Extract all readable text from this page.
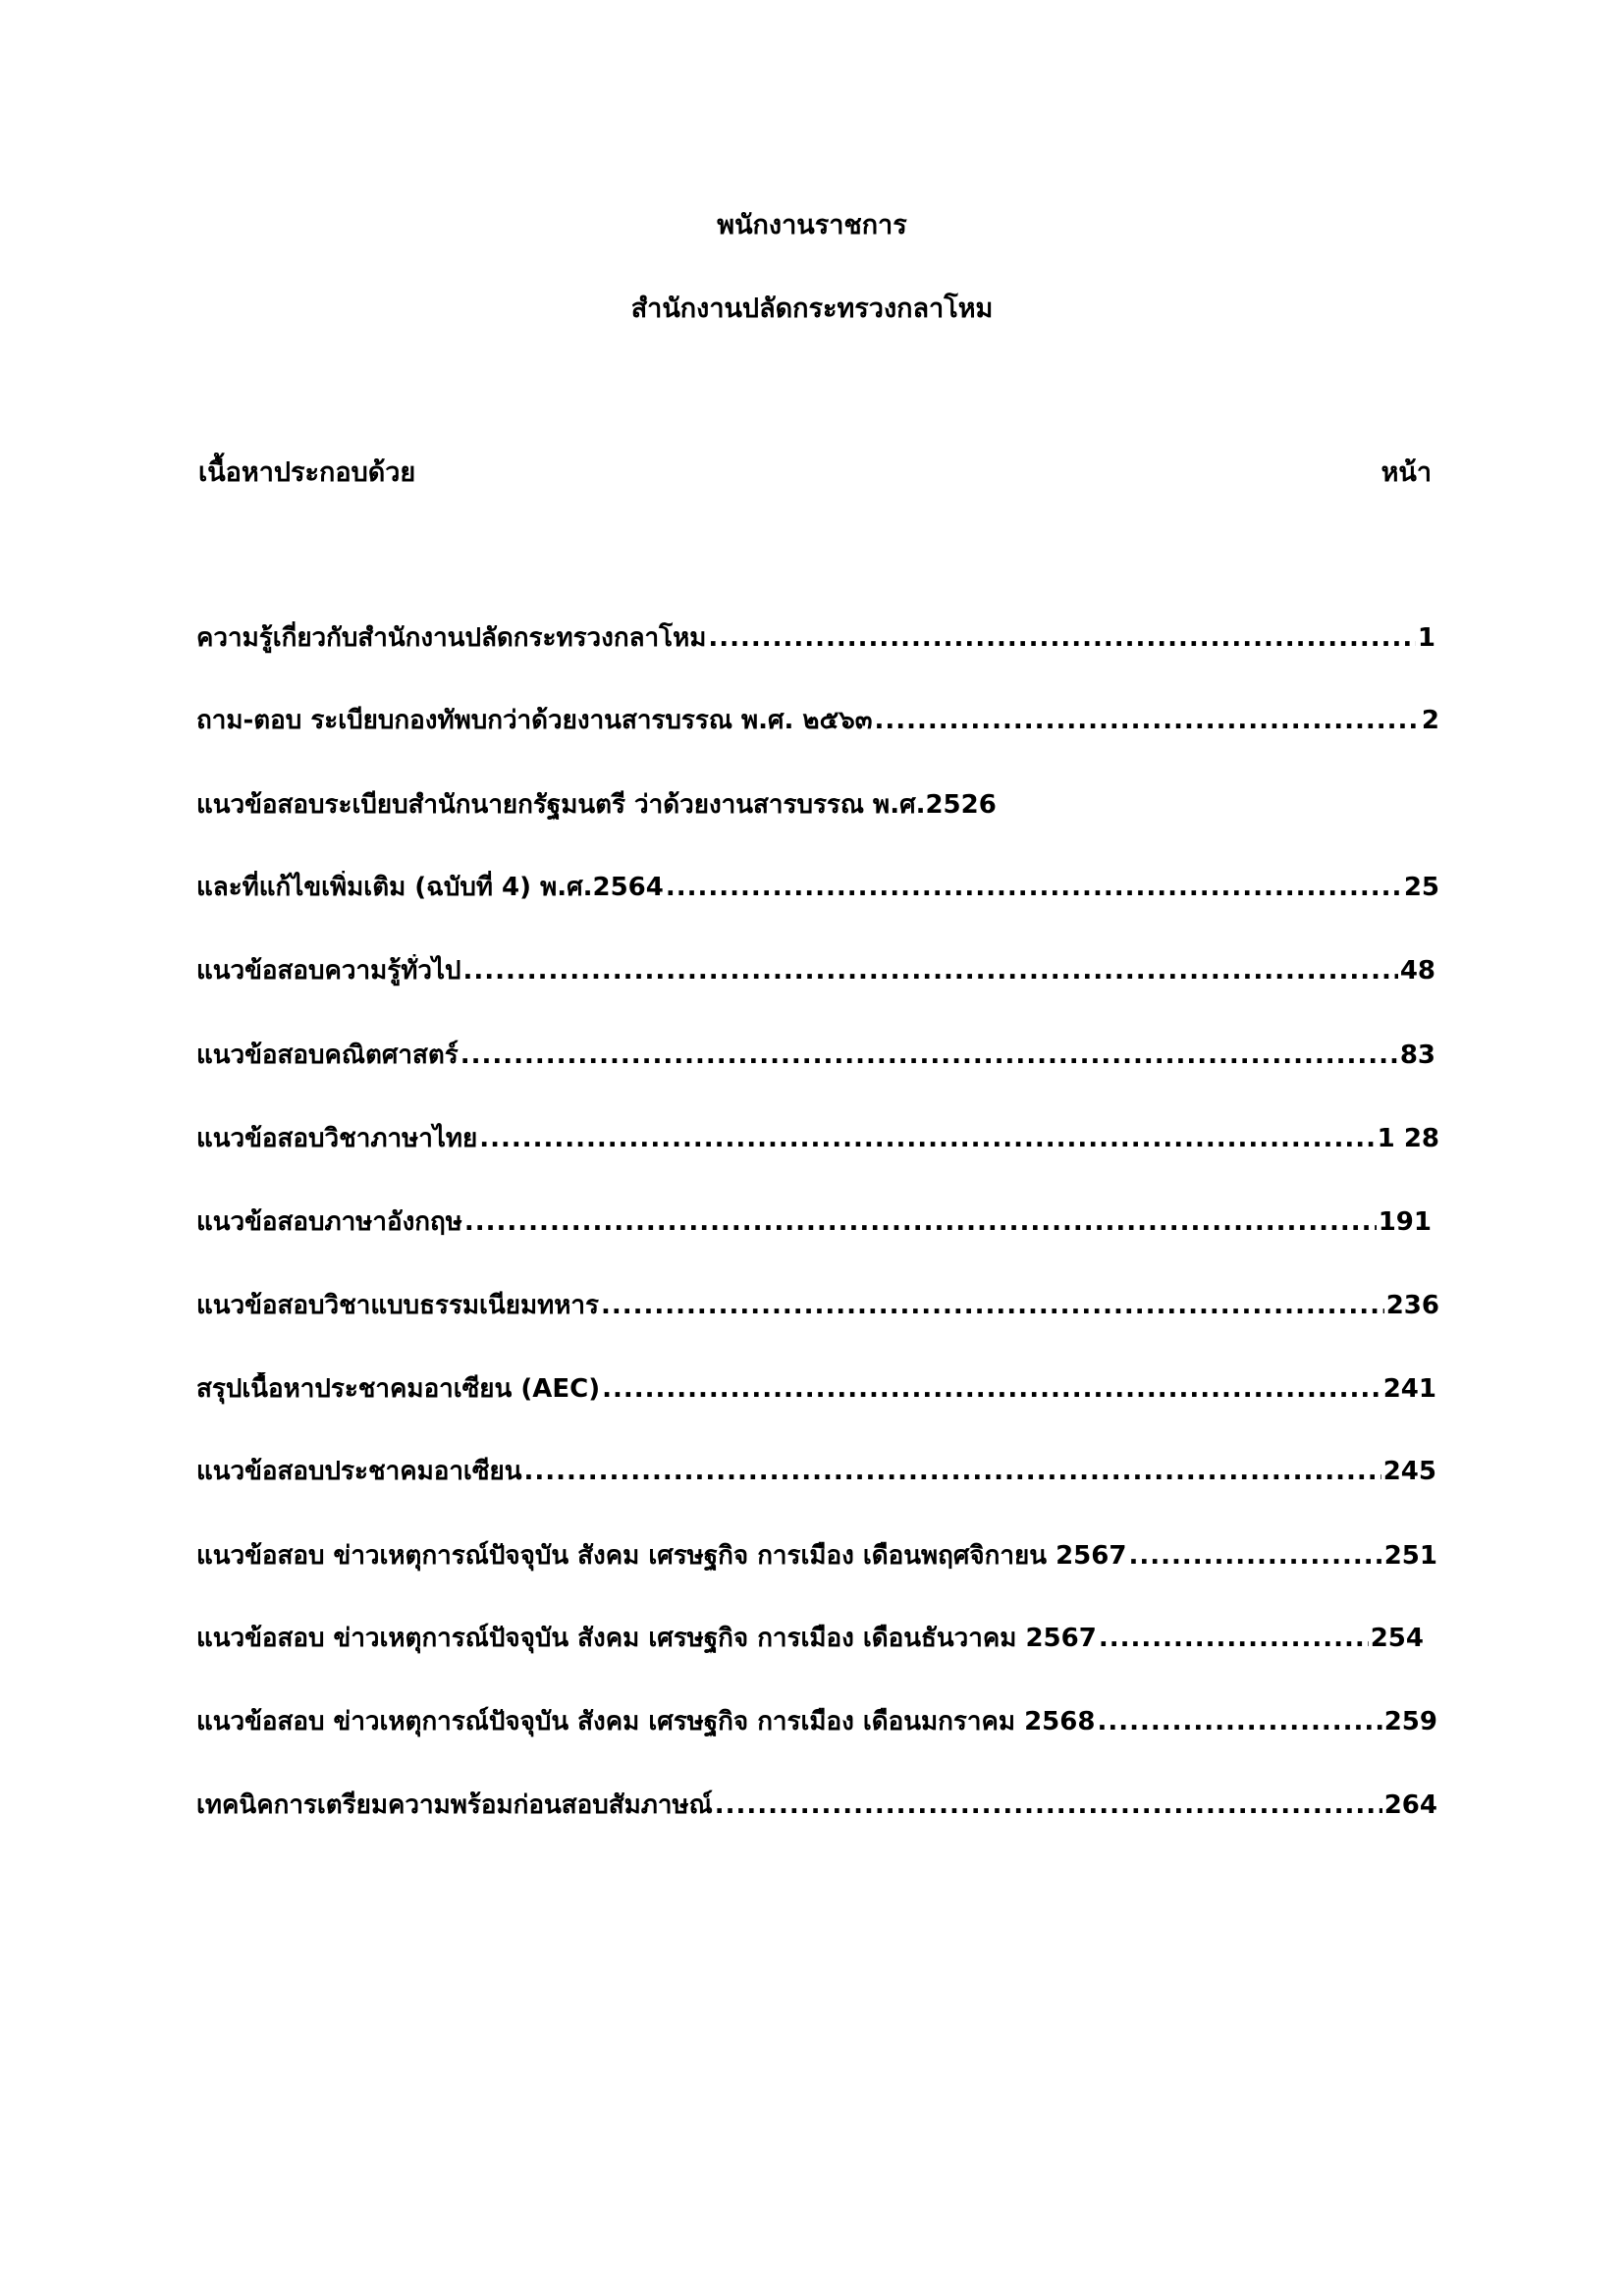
พนักงานราชการ
สำนักงานปลัดกระทรวงกลาโหม
เนื้อหาประกอบด้วย	หน้า
ความรู้เกี่ยวกับสำนักงานปลัดกระทรวงกลาโหม .....	1
ถาม-ตอบ ระเบียบกองทัพบกว่าด้วยงานสารบรรณ พ.ศ. ๒๕๖๓ .....	2
แนวข้อสอบระเบียบสำนักนายกรัฐมนตรี ว่าด้วยงานสารบรรณ พ.ศ.2526
และที่แก้ไขเพิ่มเติม (ฉบับที่ 4) พ.ศ.2564 .....	25
แนวข้อสอบความรู้ทั่วไป .....	48
แนวข้อสอบคณิตศาสตร์ .....	83
แนวข้อสอบวิชาภาษาไทย .....	1 28
แนวข้อสอบภาษาอังกฤษ .....	191
แนวข้อสอบวิชาแบบธรรมเนียมทหาร .....	236
สรุปเนื้อหาประชาคมอาเซียน (AEC) .....	241
แนวข้อสอบประชาคมอาเซียน .....	245
แนวข้อสอบ ข่าวเหตุการณ์ปัจจุบัน สังคม เศรษฐกิจ การเมือง เดือนพฤศจิกายน 2567 .....	251
แนวข้อสอบ ข่าวเหตุการณ์ปัจจุบัน สังคม เศรษฐกิจ การเมือง เดือนธันวาคม 2567 .....	254
แนวข้อสอบ ข่าวเหตุการณ์ปัจจุบัน สังคม เศรษฐกิจ การเมือง เดือนมกราคม 2568 .....	259
เทคนิคการเตรียมความพร้อมก่อนสอบสัมภาษณ์ .....	264
